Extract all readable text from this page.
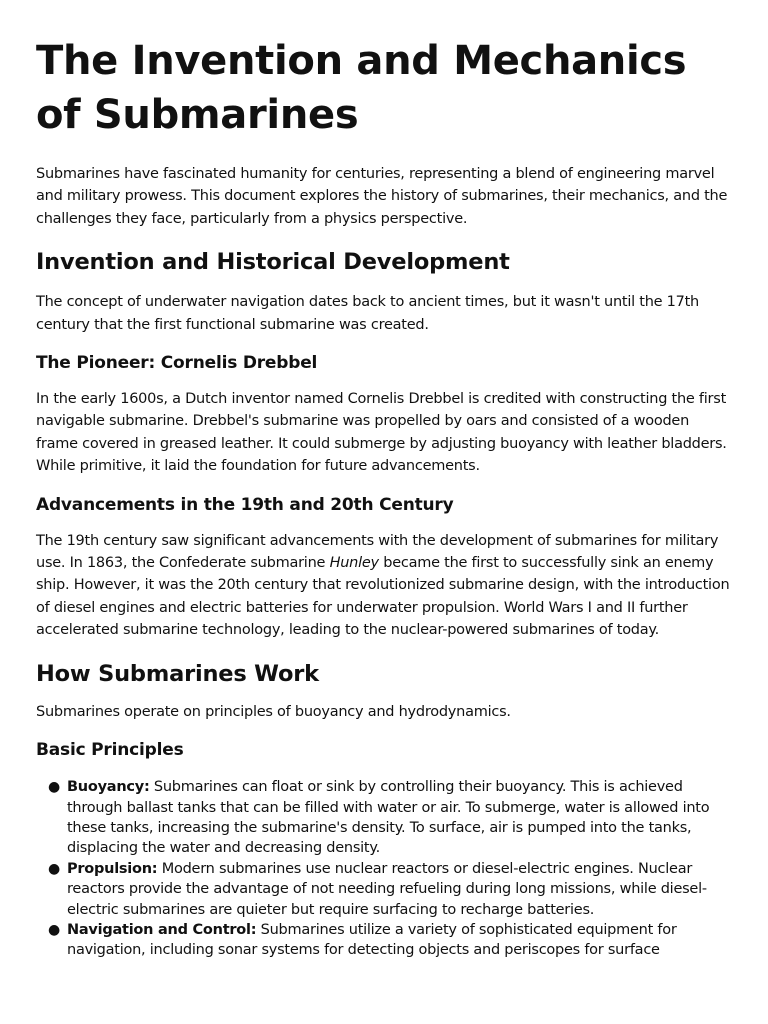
The Invention and Mechanics of Submarines

Submarines have fascinated humanity for centuries, representing a blend of engineering marvel and military prowess. This document explores the history of submarines, their mechanics, and the challenges they face, particularly from a physics perspective.

Invention and Historical Development

The concept of underwater navigation dates back to ancient times, but it wasn't until the 17th century that the first functional submarine was created.

The Pioneer: Cornelis Drebbel

In the early 1600s, a Dutch inventor named Cornelis Drebbel is credited with constructing the first navigable submarine. Drebbel's submarine was propelled by oars and consisted of a wooden frame covered in greased leather. It could submerge by adjusting buoyancy with leather bladders. While primitive, it laid the foundation for future advancements.

Advancements in the 19th and 20th Century

The 19th century saw significant advancements with the development of submarines for military use. In 1863, the Confederate submarine Hunley became the first to successfully sink an enemy ship. However, it was the 20th century that revolutionized submarine design, with the introduction of diesel engines and electric batteries for underwater propulsion. World Wars I and II further accelerated submarine technology, leading to the nuclear-powered submarines of today.

How Submarines Work

Submarines operate on principles of buoyancy and hydrodynamics.

Basic Principles
● Buoyancy: Submarines can float or sink by controlling their buoyancy. This is achieved through ballast tanks that can be filled with water or air. To submerge, water is allowed into these tanks, increasing the submarine's density. To surface, air is pumped into the tanks, displacing the water and decreasing density.
● Propulsion: Modern submarines use nuclear reactors or diesel-electric engines. Nuclear reactors provide the advantage of not needing refueling during long missions, while diesel-electric submarines are quieter but require surfacing to recharge batteries.
● Navigation and Control: Submarines utilize a variety of sophisticated equipment for navigation, including sonar systems for detecting objects and periscopes for surface
